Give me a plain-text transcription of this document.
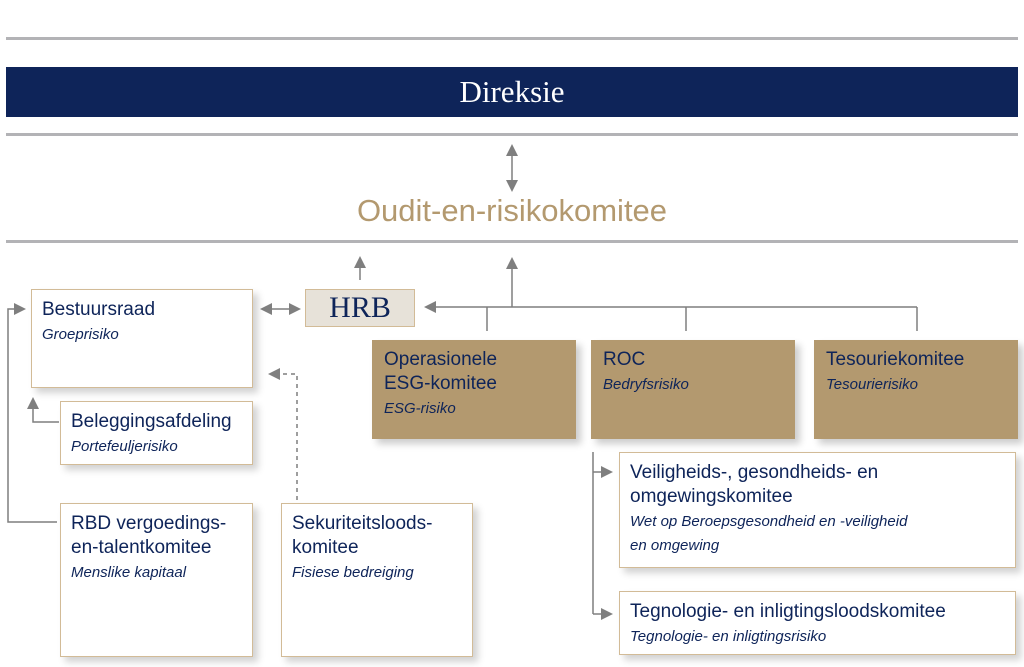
Direksie
Oudit-en-risikokomitee
HRB
Bestuursraad
Groeprisiko
Beleggingsafdeling
Portefeuljerisiko
RBD vergoedings-
en-talentkomitee
Menslike kapitaal
Sekuriteitsloods-
komitee
Fisiese bedreiging
Operasionele
ESG-komitee
ESG-risiko
ROC
Bedryfsrisiko
Tesouriekomitee
Tesourierisiko
Veiligheids-, gesondheids- en
omgewingskomitee
Wet op Beroepsgesondheid en -veiligheid
en omgewing
Tegnologie- en inligtingsloodskomitee
Tegnologie- en inligtingsrisiko
